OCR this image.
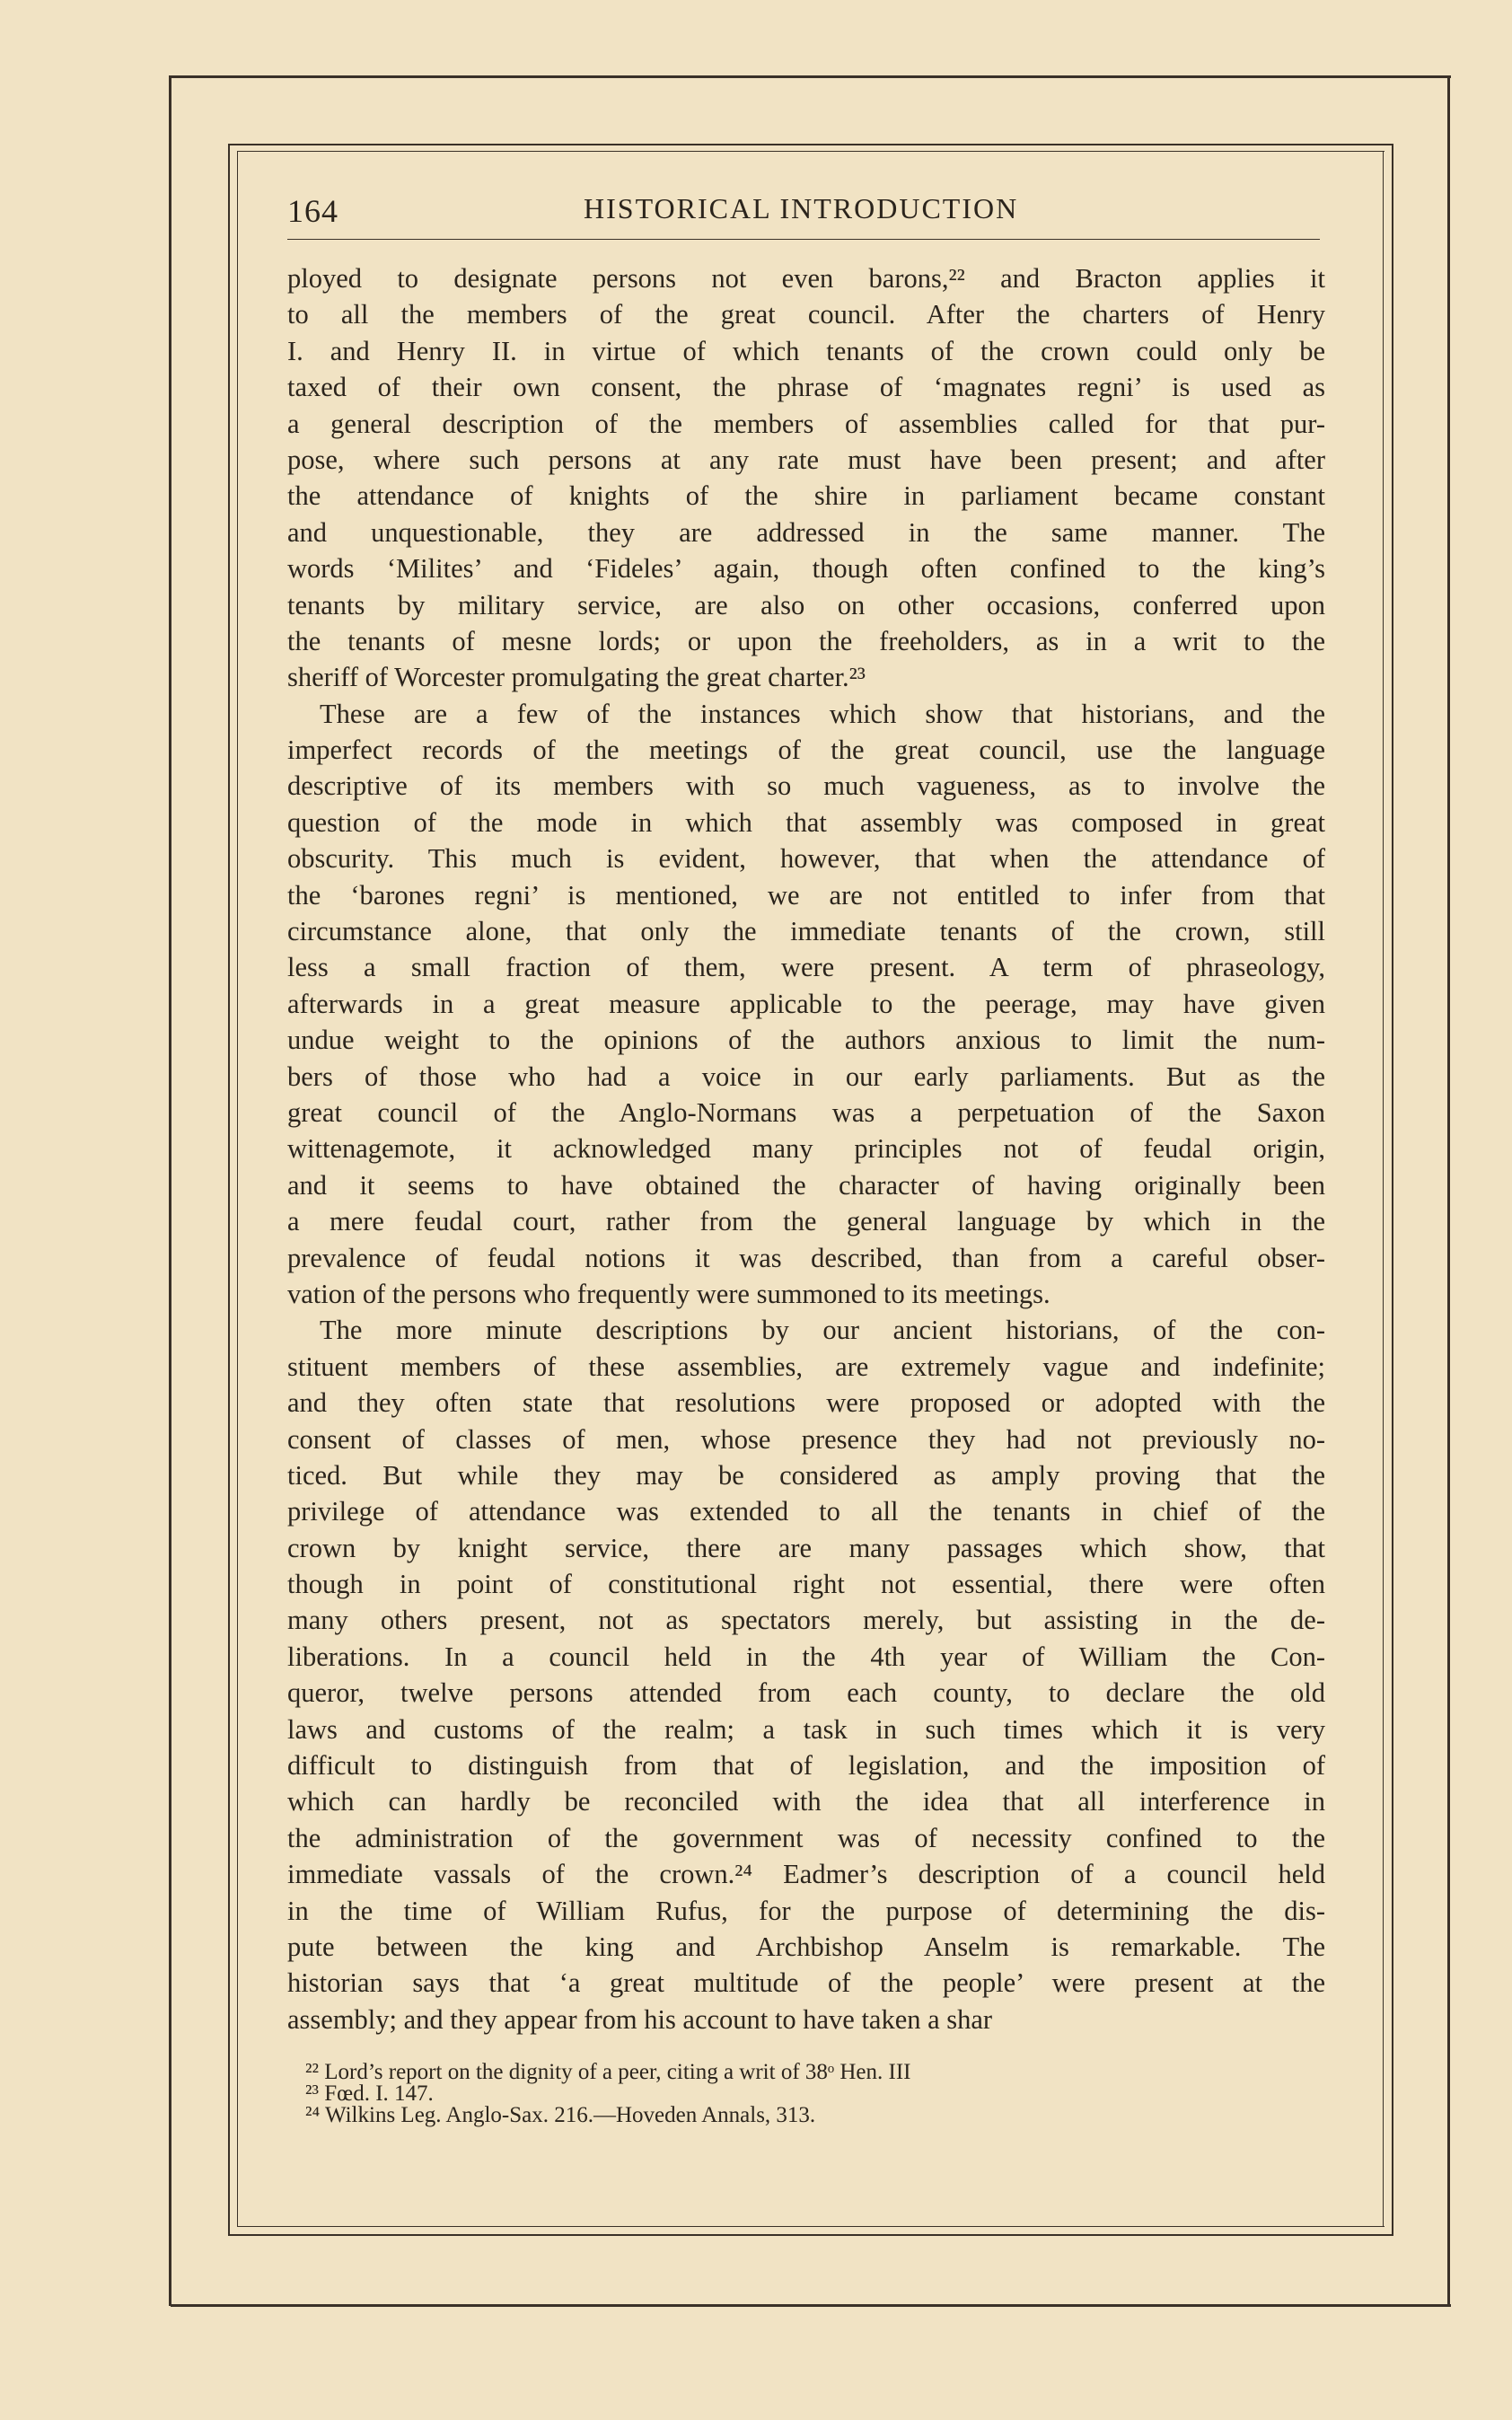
164	HISTORICAL INTRODUCTION
ployed to designate persons not even barons,²² and Bracton applies it
to all the members of the great council. After the charters of Henry
I. and Henry II. in virtue of which tenants of the crown could only be
taxed of their own consent, the phrase of ‘magnates regni’ is used as
a general description of the members of assemblies called for that pur-
pose, where such persons at any rate must have been present; and after
the attendance of knights of the shire in parliament became constant
and unquestionable, they are addressed in the same manner. The
words ‘Milites’ and ‘Fideles’ again, though often confined to the king’s
tenants by military service, are also on other occasions, conferred upon
the tenants of mesne lords; or upon the freeholders, as in a writ to the
sheriff of Worcester promulgating the great charter.²³
These are a few of the instances which show that historians, and the
imperfect records of the meetings of the great council, use the language
descriptive of its members with so much vagueness, as to involve the
question of the mode in which that assembly was composed in great
obscurity. This much is evident, however, that when the attendance of
the ‘barones regni’ is mentioned, we are not entitled to infer from that
circumstance alone, that only the immediate tenants of the crown, still
less a small fraction of them, were present. A term of phraseology,
afterwards in a great measure applicable to the peerage, may have given
undue weight to the opinions of the authors anxious to limit the num-
bers of those who had a voice in our early parliaments. But as the
great council of the Anglo-Normans was a perpetuation of the Saxon
wittenagemote, it acknowledged many principles not of feudal origin,
and it seems to have obtained the character of having originally been
a mere feudal court, rather from the general language by which in the
prevalence of feudal notions it was described, than from a careful obser-
vation of the persons who frequently were summoned to its meetings.
The more minute descriptions by our ancient historians, of the con-
stituent members of these assemblies, are extremely vague and indefinite;
and they often state that resolutions were proposed or adopted with the
consent of classes of men, whose presence they had not previously no-
ticed. But while they may be considered as amply proving that the
privilege of attendance was extended to all the tenants in chief of the
crown by knight service, there are many passages which show, that
though in point of constitutional right not essential, there were often
many others present, not as spectators merely, but assisting in the de-
liberations. In a council held in the 4th year of William the Con-
queror, twelve persons attended from each county, to declare the old
laws and customs of the realm; a task in such times which it is very
difficult to distinguish from that of legislation, and the imposition of
which can hardly be reconciled with the idea that all interference in
the administration of the government was of necessity confined to the
immediate vassals of the crown.²⁴ Eadmer’s description of a council held
in the time of William Rufus, for the purpose of determining the dis-
pute between the king and Archbishop Anselm is remarkable. The
historian says that ‘a great multitude of the people’ were present at the
assembly; and they appear from his account to have taken a shar
²² Lord’s report on the dignity of a peer, citing a writ of 38ᵒ Hen. III
²³ Fœd. I. 147.
²⁴ Wilkins Leg. Anglo-Sax. 216.—Hoveden Annals, 313.
